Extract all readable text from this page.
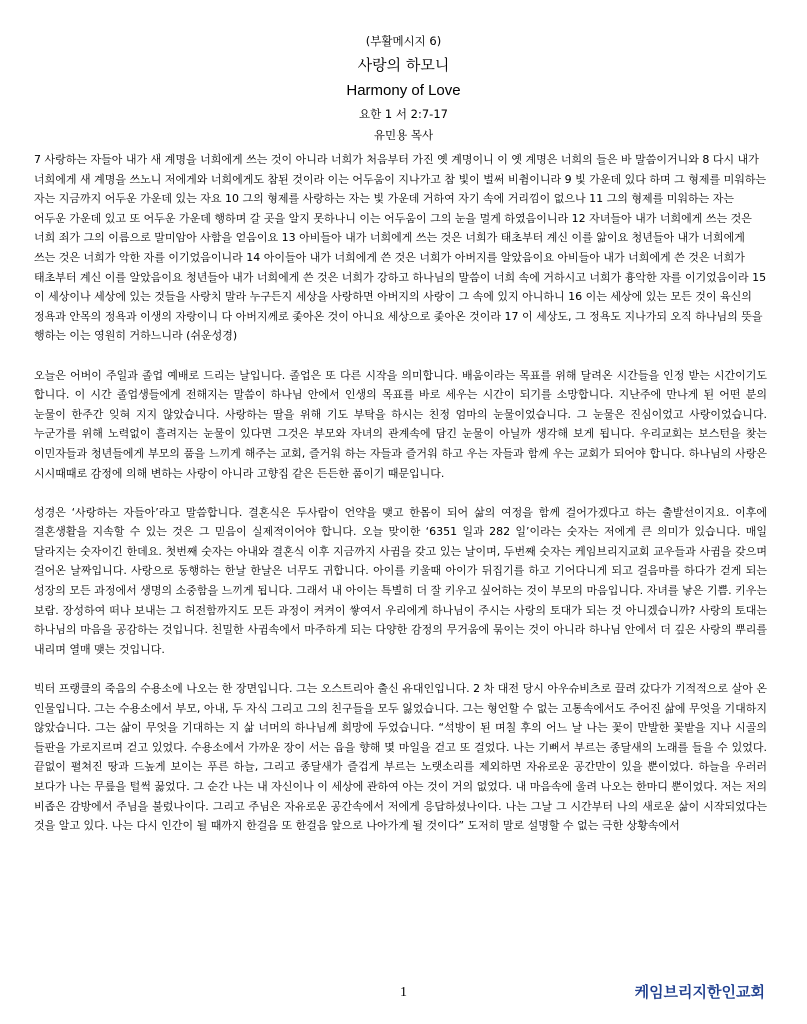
(부활메시지 6)

사랑의 하모니

Harmony of Love

요한 1 서 2:7-17

유민용 목사

7 사랑하는 자들아 내가 새 계명을 너희에게 쓰는 것이 아니라 너희가 처음부터 가진 옛 계명이니 이 옛 계명은 너희의 들은 바 말씀이거니와 8 다시 내가 너희에게 새 계명을 쓰노니 저에게와 너희에게도 참된 것이라 이는 어두움이 지나가고 참 빛이 벌써 비췸이니라 9 빛 가운데 있다 하며 그 형제를 미워하는 자는 지금까지 어두운 가운데 있는 자요 10 그의 형제를 사랑하는 자는 빛 가운데 거하여 자기 속에 거리낌이 없으나 11 그의 형제를 미워하는 자는 어두운 가운데 있고 또 어두운 가운데 행하며 갈 곳을 알지 못하나니 이는 어두움이 그의 눈을 멀게 하였음이니라 12 자녀들아 내가 너희에게 쓰는 것은 너희 죄가 그의 이름으로 말미암아 사함을 얻음이요 13 아비들아 내가 너희에게 쓰는 것은 너희가 태초부터 계신 이를 앎이요 청년들아 내가 너희에게 쓰는 것은 너희가 악한 자를 이기었음이니라 14 아이들아 내가 너희에게 쓴 것은 너희가 아버지를 알았음이요 아비들아 내가 너희에게 쓴 것은 너희가 태초부터 계신 이를 알았음이요 청년들아 내가 너희에게 쓴 것은 너희가 강하고 하나님의 말씀이 너희 속에 거하시고 너희가 흉악한 자를 이기었음이라 15 이 세상이나 세상에 있는 것들을 사랑치 말라 누구든지 세상을 사랑하면 아버지의 사랑이 그 속에 있지 아니하니 16 이는 세상에 있는 모든 것이 육신의 정욕과 안목의 정욕과 이생의 자랑이니 다 아버지께로 좇아온 것이 아니요 세상으로 좇아온 것이라 17 이 세상도, 그 정욕도 지나가되 오직 하나님의 뜻을 행하는 이는 영원히 거하느니라 (쉬운성경)

오늘은 어버이 주일과 졸업 예배로 드리는 날입니다. 졸업은 또 다른 시작을 의미합니다. 배움이라는 목표를 위해 달려온 시간들을 인정 받는 시간이기도 합니다. 이 시간 졸업생들에게 전해지는 말씀이 하나님 안에서 인생의 목표를 바로 세우는 시간이 되기를 소망합니다. 지난주에 만나게 된 어떤 분의 눈물이 한주간 잊혀 지지 않았습니다. 사랑하는 딸을 위해 기도 부탁을 하시는 친정 엄마의 눈물이었습니다. 그 눈물은 진심이었고 사랑이었습니다. 누군가를 위해 노력없이 흘려지는 눈물이 있다면 그것은 부모와 자녀의 관계속에 담긴 눈물이 아닐까 생각해 보게 됩니다. 우리교회는 보스턴을 찾는 이민자들과 청년들에게 부모의 품을 느끼게 해주는 교회, 즐거워 하는 자들과 즐거워 하고 우는 자들과 함께 우는 교회가 되어야 합니다. 하나님의 사랑은 시시때때로 감정에 의해 변하는 사랑이 아니라 고향집 같은 든든한 품이기 때문입니다.

성경은 ‘사랑하는 자들아’라고 말씀합니다. 결혼식은 두사람이 언약을 맺고 한몸이 되어 삶의 여정을 함께 걸어가겠다고 하는 출발선이지요. 이후에 결혼생활을 지속할 수 있는 것은 그 믿음이 실제적이어야 합니다. 오늘 맞이한 ‘6351 일과 282 일’이라는 숫자는 저에게 큰 의미가 있습니다. 매일 달라지는 숫자이긴 한데요. 첫번째 숫자는 아내와 결혼식 이후 지금까지 사귐을 갖고 있는 날이며, 두번째 숫자는 케임브리지교회 교우들과 사귐을 갖으며 걸어온 날짜입니다. 사랑으로 동행하는 한날 한날은 너무도 귀합니다. 아이를 키울때 아이가 뒤집기를 하고 기어다니게 되고 걸음마를 하다가 걷게 되는 성장의 모든 과정에서 생명의 소중함을 느끼게 됩니다. 그래서 내 아이는 특별히 더 잘 키우고 싶어하는 것이 부모의 마음입니다. 자녀를 낳은 기쁨. 키우는 보람. 장성하여 떠나 보내는 그 허전함까지도 모든 과정이 켜켜이 쌓여서 우리에게 하나님이 주시는 사랑의 토대가 되는 것 아니겠습니까? 사랑의 토대는 하나님의 마음을 공감하는 것입니다. 친밀한 사귐속에서 마주하게 되는 다양한 감정의 무거움에 묶이는 것이 아니라 하나님 안에서 더 깊은 사랑의 뿌리를 내리며 열매 맺는 것입니다.

빅터 프랭클의 죽음의 수용소에 나오는 한 장면입니다. 그는 오스트리아 출신 유대인입니다. 2 차 대전 당시 아우슈비츠로 끌려 갔다가 기적적으로 살아 온 인물입니다. 그는 수용소에서 부모, 아내, 두 자식 그리고 그의 친구들을 모두 잃었습니다. 그는 형언할 수 없는 고통속에서도 주어진 삶에 무엇을 기대하지 않았습니다. 그는 삶이 무엇을 기대하는 지 삶 너머의 하나님께 희망에 두었습니다. “석방이 된 며칠 후의 어느 날 나는 꽃이 만발한 꽃밭을 지나 시골의 들판을 가로지르며 걷고 있었다. 수용소에서 가까운 장이 서는 읍을 향해 몇 마일을 걷고 또 걸었다. 나는 기뻐서 부르는 종달새의 노래를 들을 수 있었다. 끝없이 펼쳐진 땅과 드높게 보이는 푸른 하늘, 그리고 종달새가 즐겁게 부르는 노랫소리를 제외하면 자유로운 공간만이 있을 뿐이었다. 하늘을 우러러 보다가 나는 무릎을 털썩 꿇었다. 그 순간 나는 내 자신이나 이 세상에 관하여 아는 것이 거의 없었다. 내 마음속에 울려 나오는 한마디 뿐이었다. 저는 저의 비좁은 감방에서 주님을 불렀나이다. 그리고 주님은 자유로운 공간속에서 저에게 응답하셨나이다. 나는 그날 그 시간부터 나의 새로운 삶이 시작되었다는 것을 알고 있다. 나는 다시 인간이 될 때까지 한걸음 또 한걸음 앞으로 나아가게 될 것이다” 도저히 말로 설명할 수 없는 극한 상황속에서

1	케임브리지한인교회
